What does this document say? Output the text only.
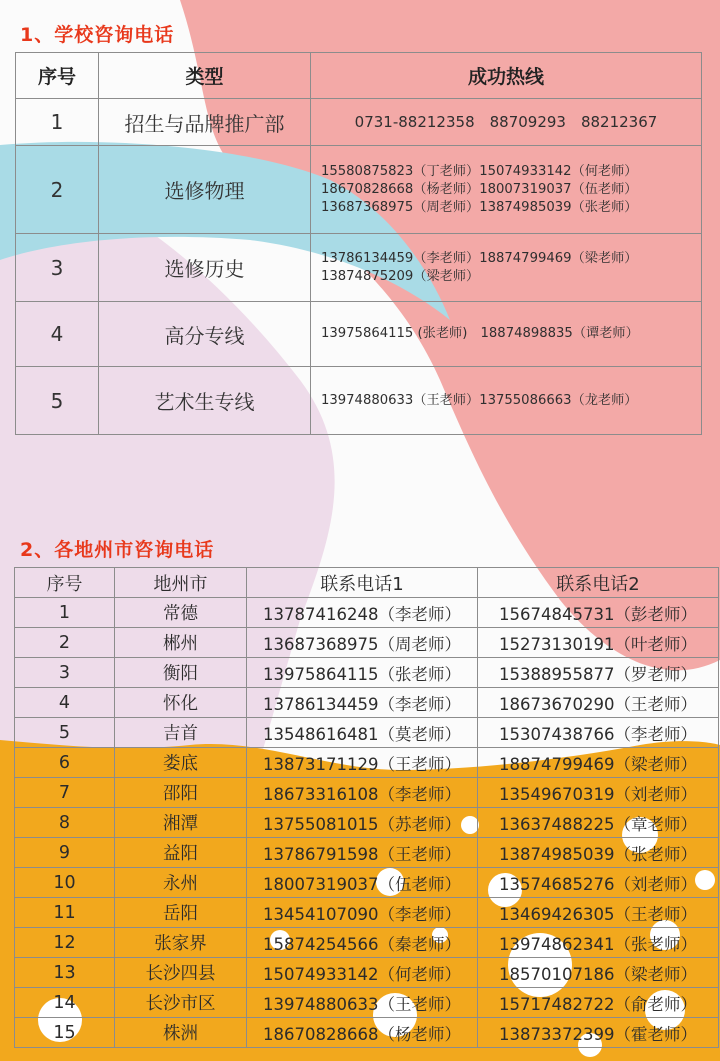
1、学校咨询电话
序号	类型	成功热线
1	招生与品牌推广部	0731-88212358　88709293　88212367

2	选修物理	15580875823（丁老师）15074933142（何老师）
18670828668（杨老师）18007319037（伍老师）
13687368975（周老师）13874985039（张老师）

3	选修历史	13786134459（李老师）18874799469（梁老师）
13874875209（梁老师）

4	高分专线	13975864115 (张老师)　18874898835（谭老师）

5	艺术生专线	13974880633（王老师）13755086663（龙老师）
2、各地州市咨询电话
序号	地州市	联系电话1	联系电话2
1	常德	13787416248（李老师）	15674845731（彭老师）
2	郴州	13687368975（周老师）	15273130191（叶老师）
3	衡阳	13975864115（张老师）	15388955877（罗老师）
4	怀化	13786134459（李老师）	18673670290（王老师）
5	吉首	13548616481（莫老师）	15307438766（李老师）
6	娄底	13873171129（王老师）	18874799469（梁老师）
7	邵阳	18673316108（李老师）	13549670319（刘老师）
8	湘潭	13755081015（苏老师）	13637488225（章老师）
9	益阳	13786791598（王老师）	13874985039（张老师）
10	永州	18007319037（伍老师）	13574685276（刘老师）
11	岳阳	13454107090（李老师）	13469426305（王老师）
12	张家界	15874254566（秦老师）	13974862341（张老师）
13	长沙四县	15074933142（何老师）	18570107186（梁老师）
14	长沙市区	13974880633（王老师）	15717482722（俞老师）
15	株洲	18670828668（杨老师）	13873372399（霍老师）
